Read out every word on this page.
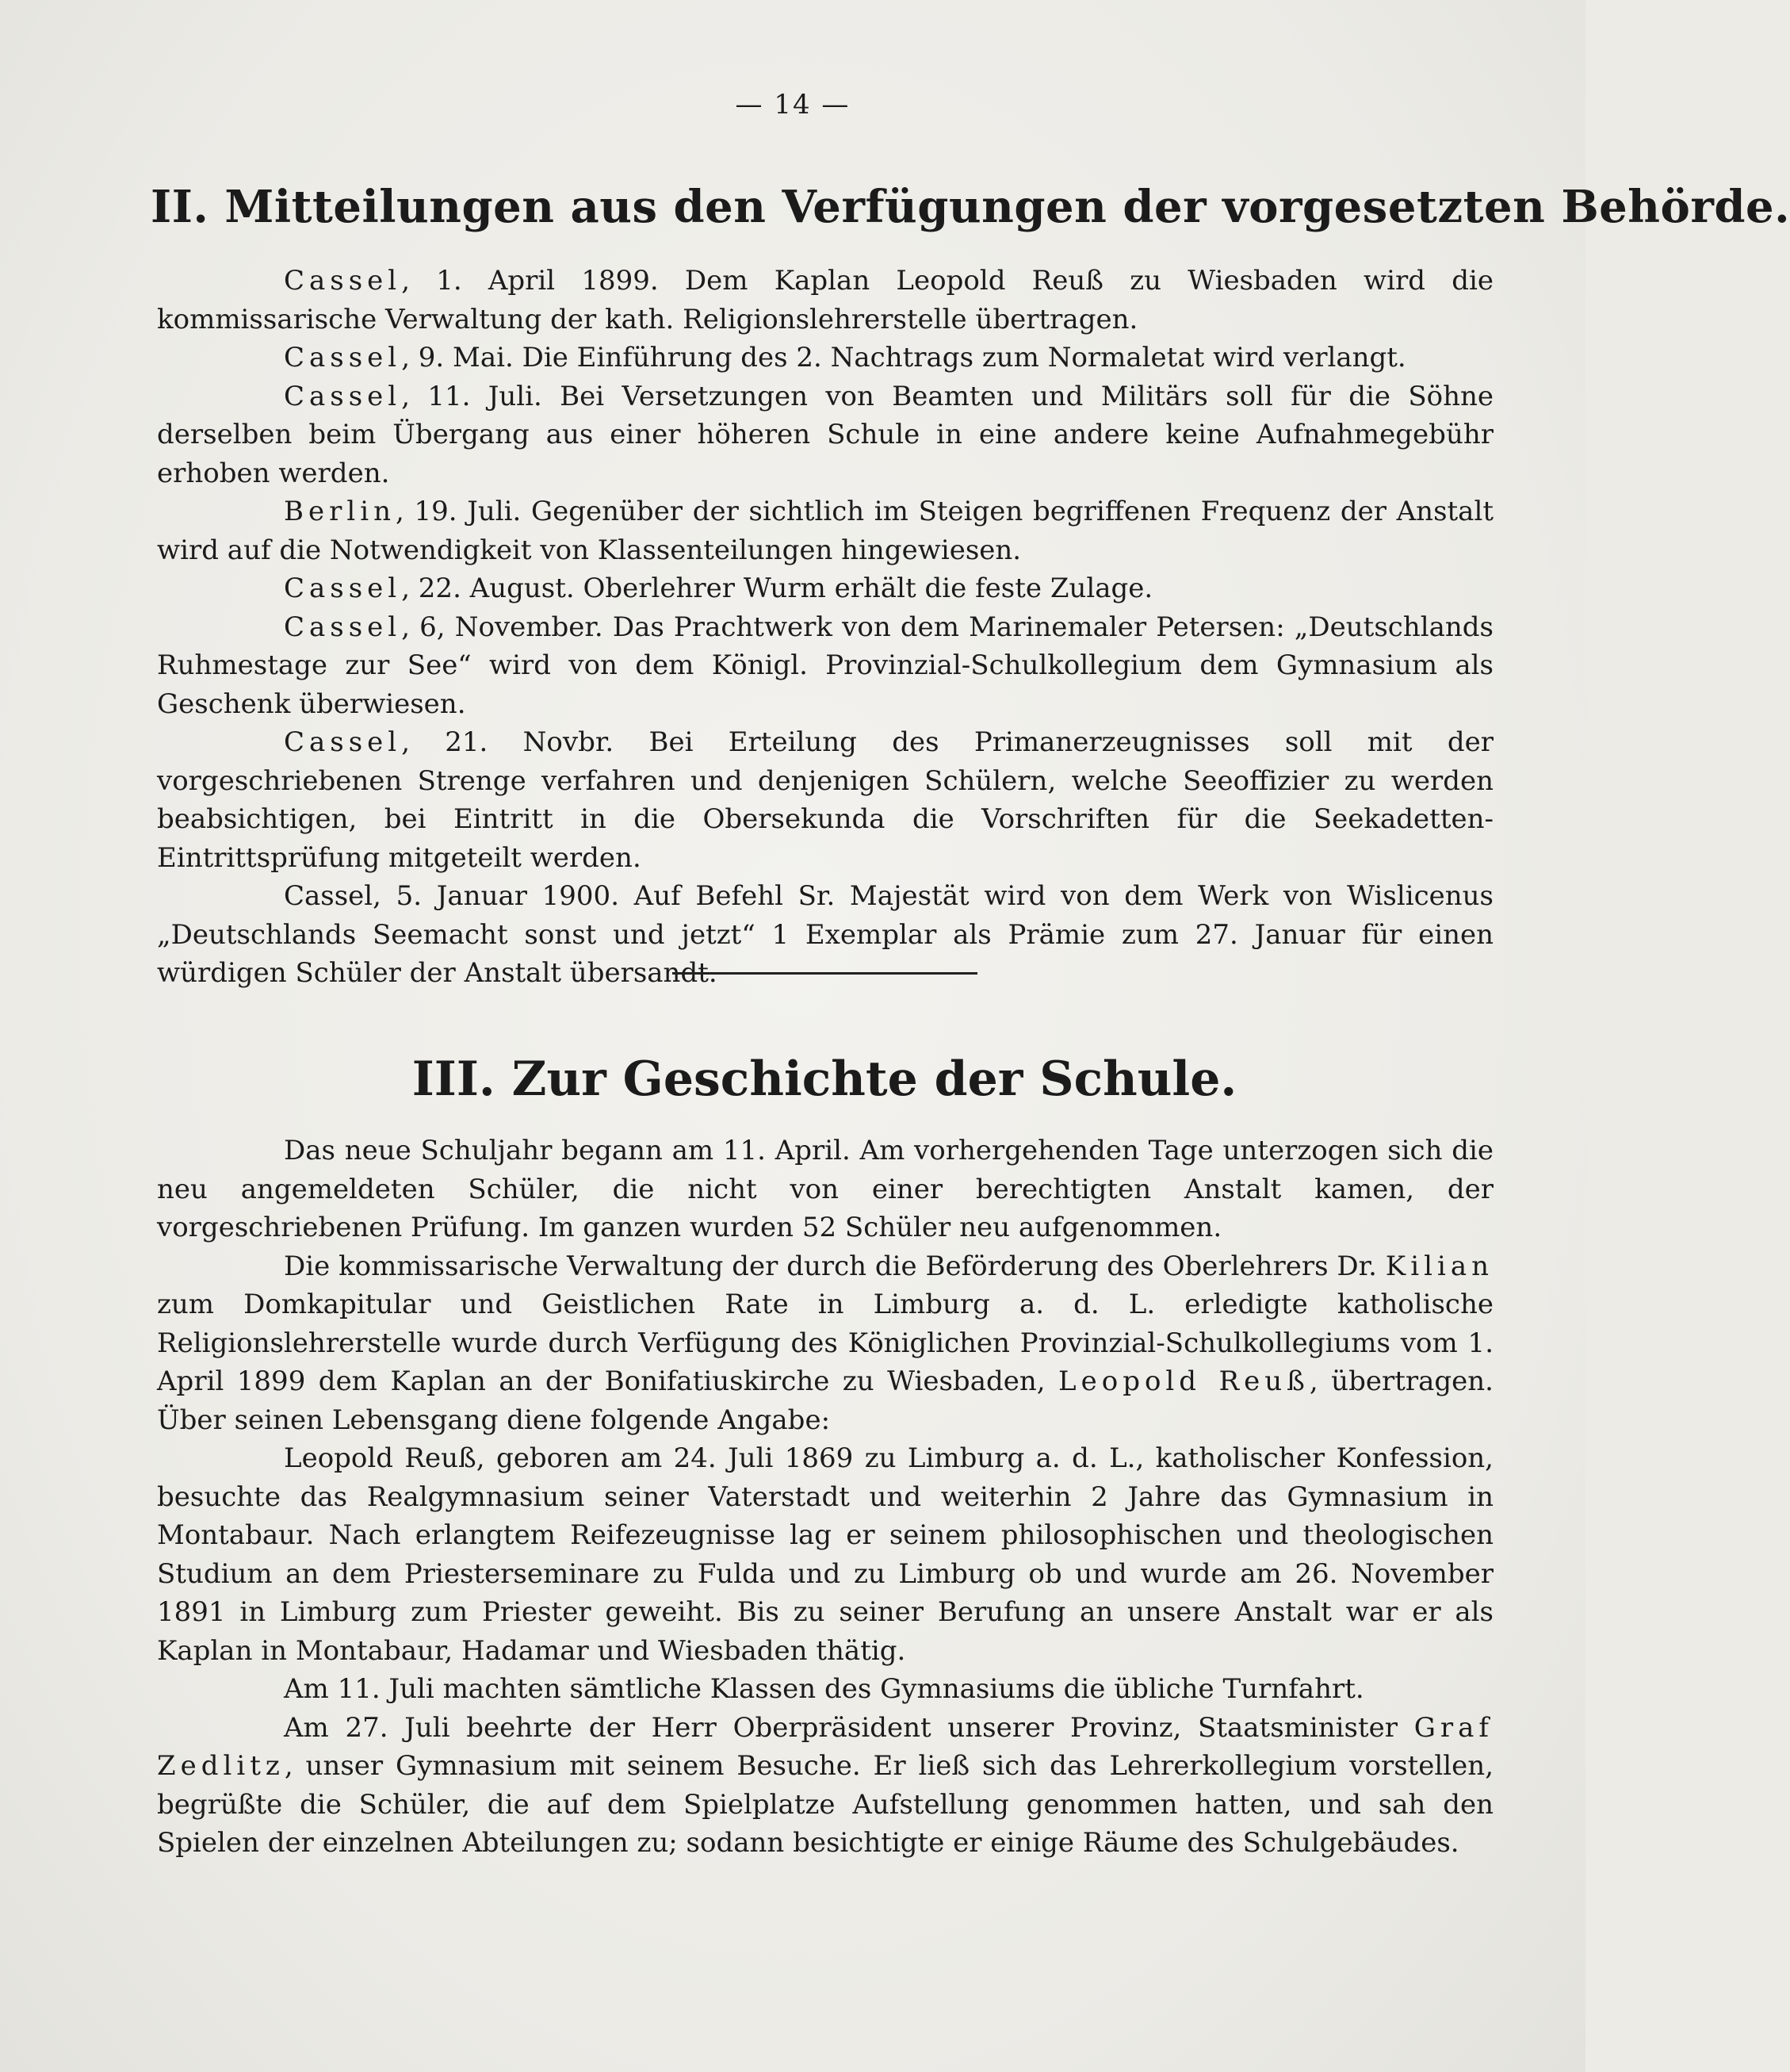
— 14 —
II. Mitteilungen aus den Verfügungen der vorgesetzten Behörde.

Cassel, 1. April 1899. Dem Kaplan Leopold Reuß zu Wiesbaden wird die kommissarische Verwaltung der kath. Religionslehrerstelle übertragen.

Cassel, 9. Mai. Die Einführung des 2. Nachtrags zum Normaletat wird verlangt.

Cassel, 11. Juli. Bei Versetzungen von Beamten und Militärs soll für die Söhne derselben beim Übergang aus einer höheren Schule in eine andere keine Aufnahmegebühr erhoben werden.

Berlin, 19. Juli. Gegenüber der sichtlich im Steigen begriffenen Frequenz der Anstalt wird auf die Notwendigkeit von Klassenteilungen hingewiesen.

Cassel, 22. August. Oberlehrer Wurm erhält die feste Zulage.

Cassel, 6, November. Das Prachtwerk von dem Marinemaler Petersen: „Deutschlands Ruhmestage zur See“ wird von dem Königl. Provinzial-Schulkollegium dem Gymnasium als Geschenk überwiesen.

Cassel, 21. Novbr. Bei Erteilung des Primanerzeugnisses soll mit der vorgeschriebenen Strenge verfahren und denjenigen Schülern, welche Seeoffizier zu werden beabsichtigen, bei Eintritt in die Obersekunda die Vorschriften für die Seekadetten-Eintrittsprüfung mitgeteilt werden.

Cassel, 5. Januar 1900. Auf Befehl Sr. Majestät wird von dem Werk von Wislicenus „Deutschlands Seemacht sonst und jetzt“ 1 Exemplar als Prämie zum 27. Januar für einen würdigen Schüler der Anstalt übersandt.

III. Zur Geschichte der Schule.

Das neue Schuljahr begann am 11. April. Am vorhergehenden Tage unterzogen sich die neu angemeldeten Schüler, die nicht von einer berechtigten Anstalt kamen, der vorgeschriebenen Prüfung. Im ganzen wurden 52 Schüler neu aufgenommen.

Die kommissarische Verwaltung der durch die Beförderung des Oberlehrers Dr. Kilian zum Domkapitular und Geistlichen Rate in Limburg a. d. L. erledigte katholische Religionslehrerstelle wurde durch Verfügung des Königlichen Provinzial-Schulkollegiums vom 1. April 1899 dem Kaplan an der Bonifatiuskirche zu Wiesbaden, Leopold Reuß, übertragen. Über seinen Lebensgang diene folgende Angabe:

Leopold Reuß, geboren am 24. Juli 1869 zu Limburg a. d. L., katholischer Konfession, besuchte das Realgymnasium seiner Vaterstadt und weiterhin 2 Jahre das Gymnasium in Montabaur. Nach erlangtem Reifezeugnisse lag er seinem philosophischen und theologischen Studium an dem Priesterseminare zu Fulda und zu Limburg ob und wurde am 26. November 1891 in Limburg zum Priester geweiht. Bis zu seiner Berufung an unsere Anstalt war er als Kaplan in Montabaur, Hadamar und Wiesbaden thätig.

Am 11. Juli machten sämtliche Klassen des Gymnasiums die übliche Turnfahrt.

Am 27. Juli beehrte der Herr Oberpräsident unserer Provinz, Staatsminister Graf Zedlitz, unser Gymnasium mit seinem Besuche. Er ließ sich das Lehrerkollegium vorstellen, begrüßte die Schüler, die auf dem Spielplatze Aufstellung genommen hatten, und sah den Spielen der einzelnen Abteilungen zu; sodann besichtigte er einige Räume des Schulgebäudes.
